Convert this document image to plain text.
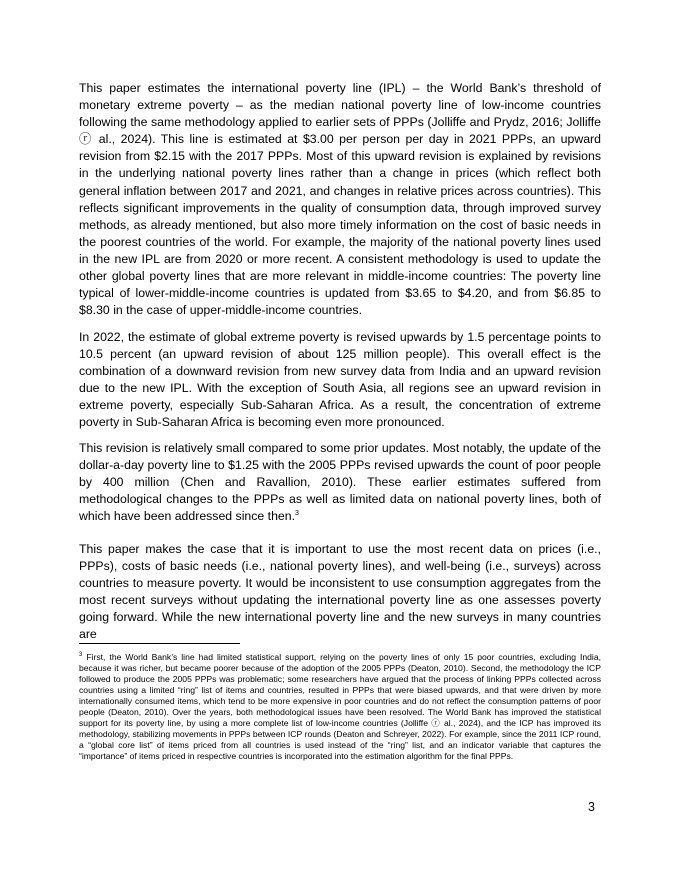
This paper estimates the international poverty line (IPL) – the World Bank’s threshold of monetary extreme poverty – as the median national poverty line of low-income countries following the same methodology applied to earlier sets of PPPs (Jolliffe and Prydz, 2016; Jolliffe ⓡ al., 2024). This line is estimated at $3.00 per person per day in 2021 PPPs, an upward revision from $2.15 with the 2017 PPPs. Most of this upward revision is explained by revisions in the underlying national poverty lines rather than a change in prices (which reflect both general inflation between 2017 and 2021, and changes in relative prices across countries). This reflects significant improvements in the quality of consumption data, through improved survey methods, as already mentioned, but also more timely information on the cost of basic needs in the poorest countries of the world. For example, the majority of the national poverty lines used in the new IPL are from 2020 or more recent. A consistent methodology is used to update the other global poverty lines that are more relevant in middle-income countries: The poverty line typical of lower-middle-income countries is updated from $3.65 to $4.20, and from $6.85 to $8.30 in the case of upper-middle-income countries.

In 2022, the estimate of global extreme poverty is revised upwards by 1.5 percentage points to 10.5 percent (an upward revision of about 125 million people). This overall effect is the combination of a downward revision from new survey data from India and an upward revision due to the new IPL. With the exception of South Asia, all regions see an upward revision in extreme poverty, especially Sub-Saharan Africa. As a result, the concentration of extreme poverty in Sub-Saharan Africa is becoming even more pronounced.

This revision is relatively small compared to some prior updates. Most notably, the update of the dollar-a-day poverty line to $1.25 with the 2005 PPPs revised upwards the count of poor people by 400 million (Chen and Ravallion, 2010). These earlier estimates suffered from methodological changes to the PPPs as well as limited data on national poverty lines, both of which have been addressed since then.$^3$

This paper makes the case that it is important to use the most recent data on prices (i.e., PPPs), costs of basic needs (i.e., national poverty lines), and well-being (i.e., surveys) across countries to measure poverty. It would be inconsistent to use consumption aggregates from the most recent surveys without updating the international poverty line as one assesses poverty going forward. While the new international poverty line and the new surveys in many countries are

$^3$ First, the World Bank’s line had limited statistical support, relying on the poverty lines of only 15 poor countries, excluding India, because it was richer, but became poorer because of the adoption of the 2005 PPPs (Deaton, 2010). Second, the methodology the ICP followed to produce the 2005 PPPs was problematic; some researchers have argued that the process of linking PPPs collected across countries using a limited “ring” list of items and countries, resulted in PPPs that were biased upwards, and that were driven by more internationally consumed items, which tend to be more expensive in poor countries and do not reflect the consumption patterns of poor people (Deaton, 2010). Over the years, both methodological issues have been resolved. The World Bank has improved the statistical support for its poverty line, by using a more complete list of low-income countries (Jolliffe ⓡ al., 2024), and the ICP has improved its methodology, stabilizing movements in PPPs between ICP rounds (Deaton and Schreyer, 2022). For example, since the 2011 ICP round, a “global core list” of items priced from all countries is used instead of the “ring” list, and an indicator variable that captures the “importance” of items priced in respective countries is incorporated into the estimation algorithm for the final PPPs.

3
